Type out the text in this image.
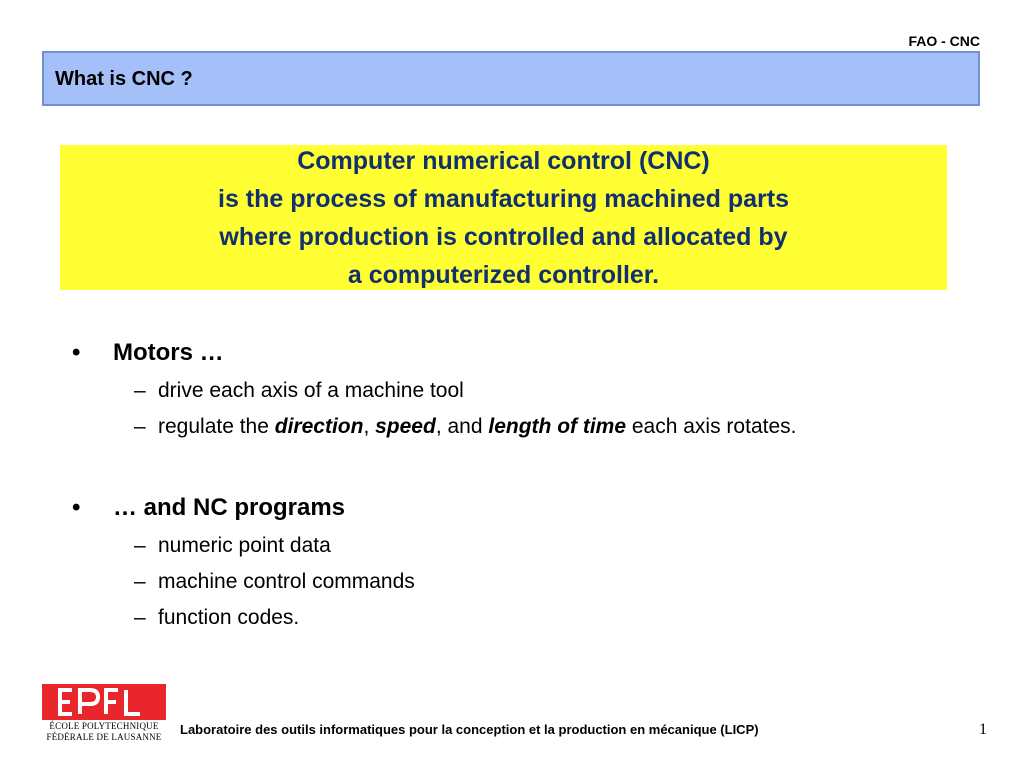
FAO - CNC
What is CNC ?
Computer numerical control (CNC)
is the process of manufacturing machined parts
where production is controlled and allocated by
a computerized controller.
• Motors …
– drive each axis of a machine tool
– regulate the direction, speed, and length of time each axis rotates.
• … and NC programs
– numeric point data
– machine control commands
– function codes.
ÉCOLE POLYTECHNIQUE
FÉDÉRALE DE LAUSANNE	Laboratoire des outils informatiques pour la conception et la production en mécanique (LICP)	1
